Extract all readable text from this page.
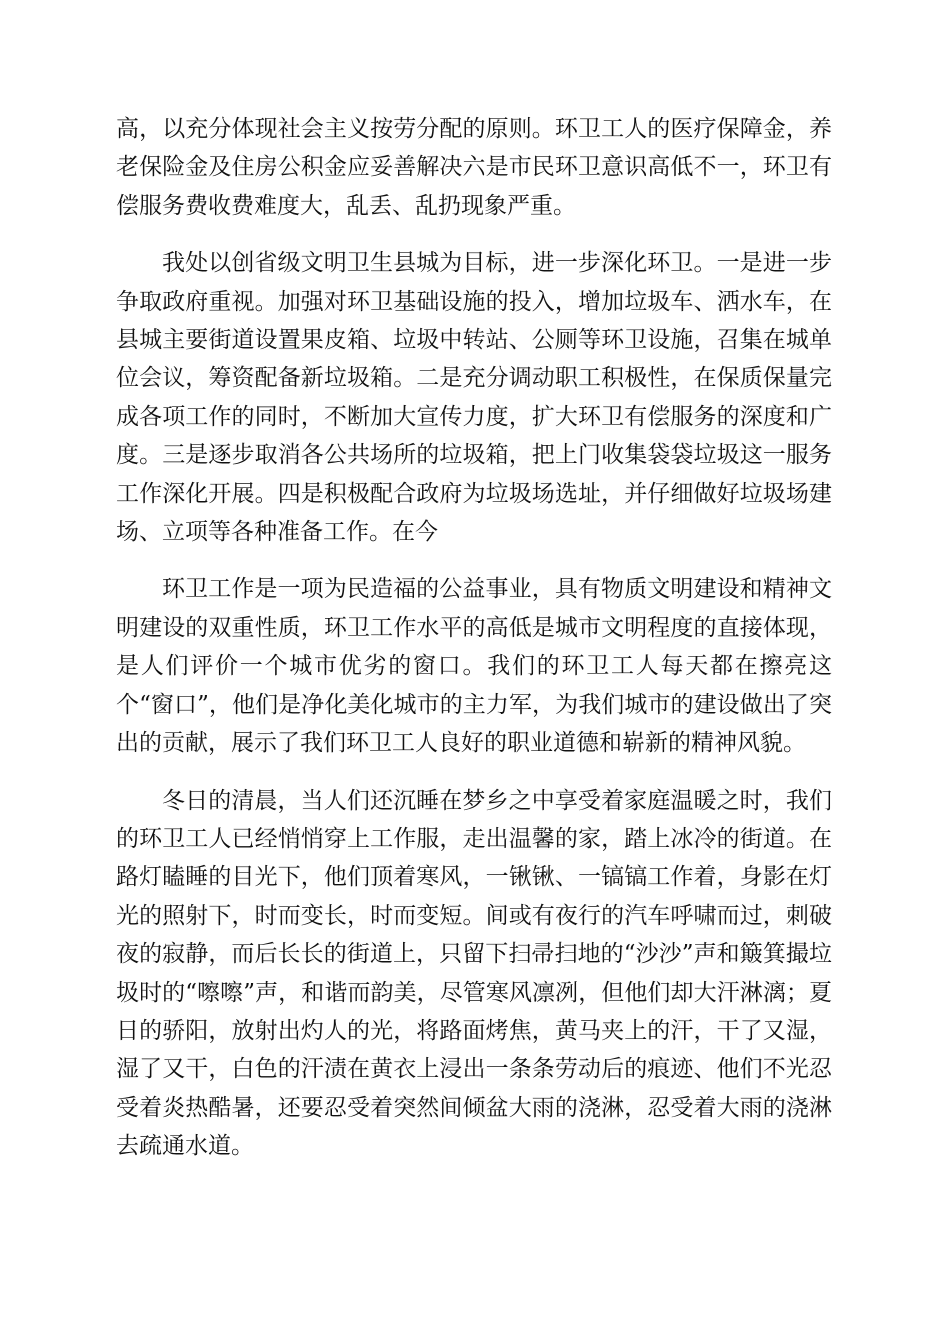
高，以充分体现社会主义按劳分配的原则。环卫工人的医疗保障金，养老保险金及住房公积金应妥善解决六是市民环卫意识高低不一，环卫有偿服务费收费难度大，乱丢、乱扔现象严重。

我处以创省级文明卫生县城为目标，进一步深化环卫。一是进一步争取政府重视。加强对环卫基础设施的投入，增加垃圾车、洒水车，在县城主要街道设置果皮箱、垃圾中转站、公厕等环卫设施，召集在城单位会议，筹资配备新垃圾箱。二是充分调动职工积极性，在保质保量完成各项工作的同时，不断加大宣传力度，扩大环卫有偿服务的深度和广度。三是逐步取消各公共场所的垃圾箱，把上门收集袋袋垃圾这一服务工作深化开展。四是积极配合政府为垃圾场选址，并仔细做好垃圾场建场、立项等各种准备工作。在今

环卫工作是一项为民造福的公益事业，具有物质文明建设和精神文明建设的双重性质，环卫工作水平的高低是城市文明程度的直接体现，是人们评价一个城市优劣的窗口。我们的环卫工人每天都在擦亮这个“窗口”，他们是净化美化城市的主力军，为我们城市的建设做出了突出的贡献，展示了我们环卫工人良好的职业道德和崭新的精神风貌。

冬日的清晨，当人们还沉睡在梦乡之中享受着家庭温暖之时，我们的环卫工人已经悄悄穿上工作服，走出温馨的家，踏上冰冷的街道。在路灯瞌睡的目光下，他们顶着寒风，一锹锹、一镐镐工作着，身影在灯光的照射下，时而变长，时而变短。间或有夜行的汽车呼啸而过，刺破夜的寂静，而后长长的街道上，只留下扫帚扫地的“沙沙”声和簸箕撮垃圾时的“嚓嚓”声，和谐而韵美，尽管寒风凛冽，但他们却大汗淋漓；夏日的骄阳，放射出灼人的光，将路面烤焦，黄马夹上的汗，干了又湿，湿了又干，白色的汗渍在黄衣上浸出一条条劳动后的痕迹、他们不光忍受着炎热酷暑，还要忍受着突然间倾盆大雨的浇淋，忍受着大雨的浇淋去疏通水道。
